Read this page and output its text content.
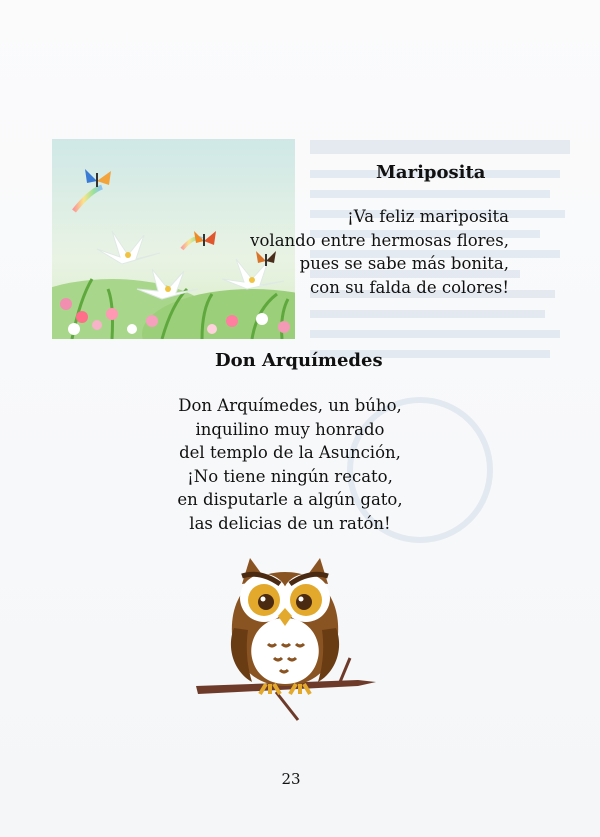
Mariposita
¡Va feliz mariposita
volando entre hermosas flores,
pues se sabe más bonita,
con su falda de colores!
Don Arquímedes
Don Arquímedes, un búho,
inquilino muy honrado
del templo de la Asunción,
¡No tiene ningún recato,
en disputarle a algún gato,
las delicias de un ratón!
23
